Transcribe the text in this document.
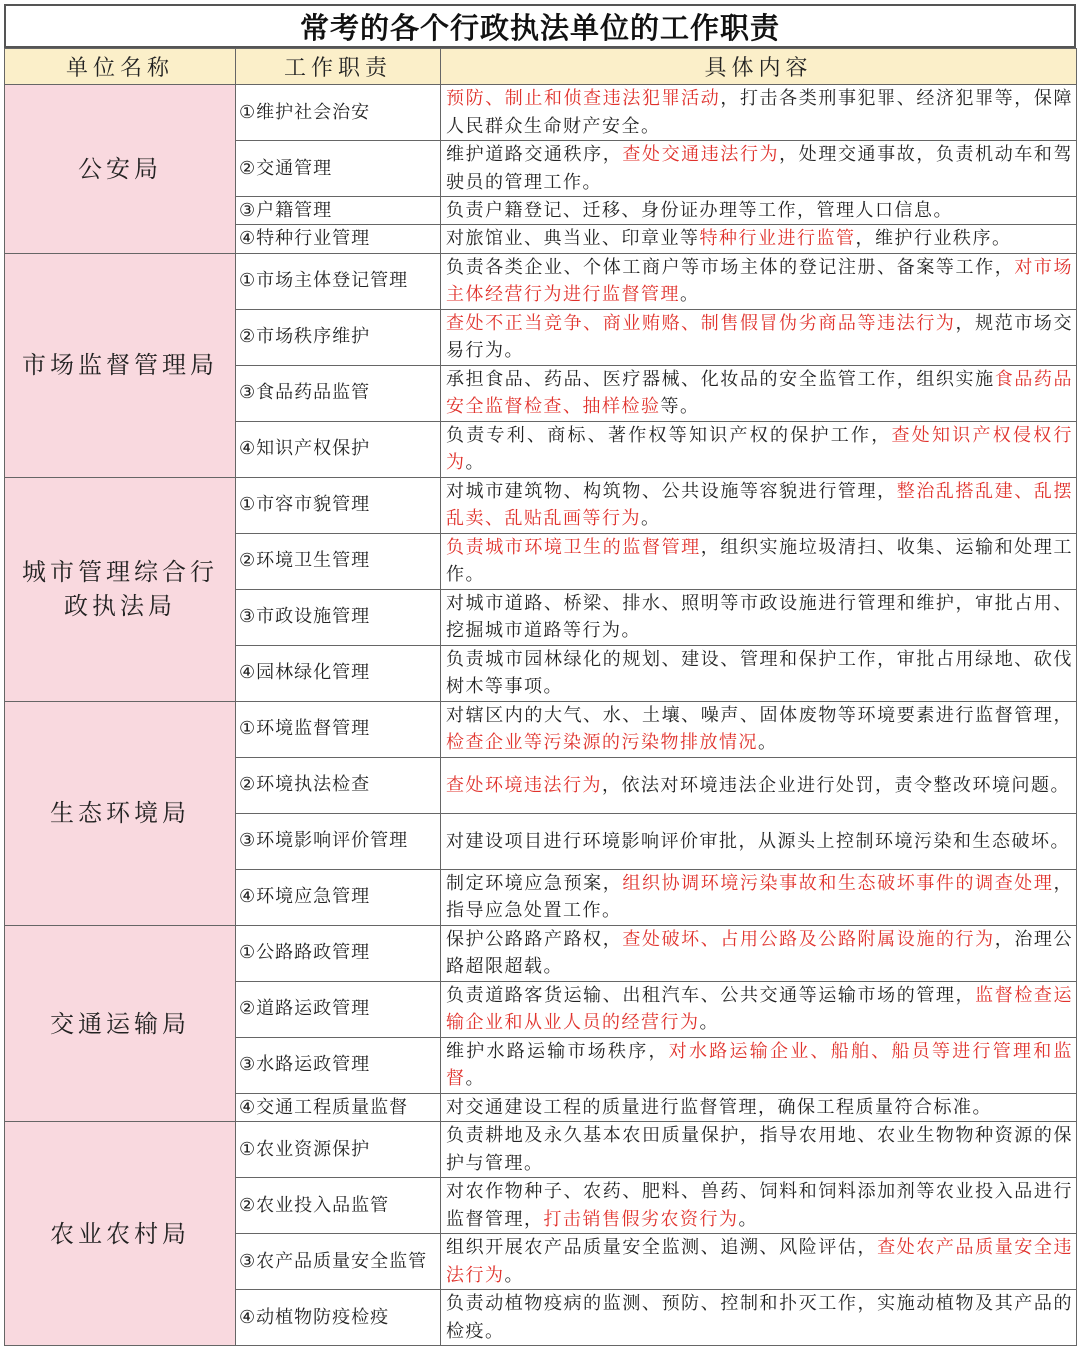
常考的各个行政执法单位的工作职责
单位名称	工作职责	具体内容
公安局	①维护社会治安	预防、制止和侦查违法犯罪活动，打击各类刑事犯罪、经济犯罪等，保障人民群众生命财产安全。
	②交通管理	维护道路交通秩序，查处交通违法行为，处理交通事故，负责机动车和驾驶员的管理工作。
	③户籍管理	负责户籍登记、迁移、身份证办理等工作，管理人口信息。
	④特种行业管理	对旅馆业、典当业、印章业等特种行业进行监管，维护行业秩序。
市场监督管理局	①市场主体登记管理	负责各类企业、个体工商户等市场主体的登记注册、备案等工作，对市场主体经营行为进行监督管理。
	②市场秩序维护	查处不正当竞争、商业贿赂、制售假冒伪劣商品等违法行为，规范市场交易行为。
	③食品药品监管	承担食品、药品、医疗器械、化妆品的安全监管工作，组织实施食品药品安全监督检查、抽样检验等。
	④知识产权保护	负责专利、商标、著作权等知识产权的保护工作，查处知识产权侵权行为。
城市管理综合行政执法局	①市容市貌管理	对城市建筑物、构筑物、公共设施等容貌进行管理，整治乱搭乱建、乱摆乱卖、乱贴乱画等行为。
	②环境卫生管理	负责城市环境卫生的监督管理，组织实施垃圾清扫、收集、运输和处理工作。
	③市政设施管理	对城市道路、桥梁、排水、照明等市政设施进行管理和维护，审批占用、挖掘城市道路等行为。
	④园林绿化管理	负责城市园林绿化的规划、建设、管理和保护工作，审批占用绿地、砍伐树木等事项。
生态环境局	①环境监督管理	对辖区内的大气、水、土壤、噪声、固体废物等环境要素进行监督管理，检查企业等污染源的污染物排放情况。
	②环境执法检查	查处环境违法行为，依法对环境违法企业进行处罚，责令整改环境问题。
	③环境影响评价管理	对建设项目进行环境影响评价审批，从源头上控制环境污染和生态破坏。
	④环境应急管理	制定环境应急预案，组织协调环境污染事故和生态破坏事件的调查处理，指导应急处置工作。
交通运输局	①公路路政管理	保护公路路产路权，查处破坏、占用公路及公路附属设施的行为，治理公路超限超载。
	②道路运政管理	负责道路客货运输、出租汽车、公共交通等运输市场的管理，监督检查运输企业和从业人员的经营行为。
	③水路运政管理	维护水路运输市场秩序，对水路运输企业、船舶、船员等进行管理和监督。
	④交通工程质量监督	对交通建设工程的质量进行监督管理，确保工程质量符合标准。
农业农村局	①农业资源保护	负责耕地及永久基本农田质量保护，指导农用地、农业生物物种资源的保护与管理。
	②农业投入品监管	对农作物种子、农药、肥料、兽药、饲料和饲料添加剂等农业投入品进行监督管理，打击销售假劣农资行为。
	③农产品质量安全监管	组织开展农产品质量安全监测、追溯、风险评估，查处农产品质量安全违法行为。
	④动植物防疫检疫	负责动植物疫病的监测、预防、控制和扑灭工作，实施动植物及其产品的检疫。
